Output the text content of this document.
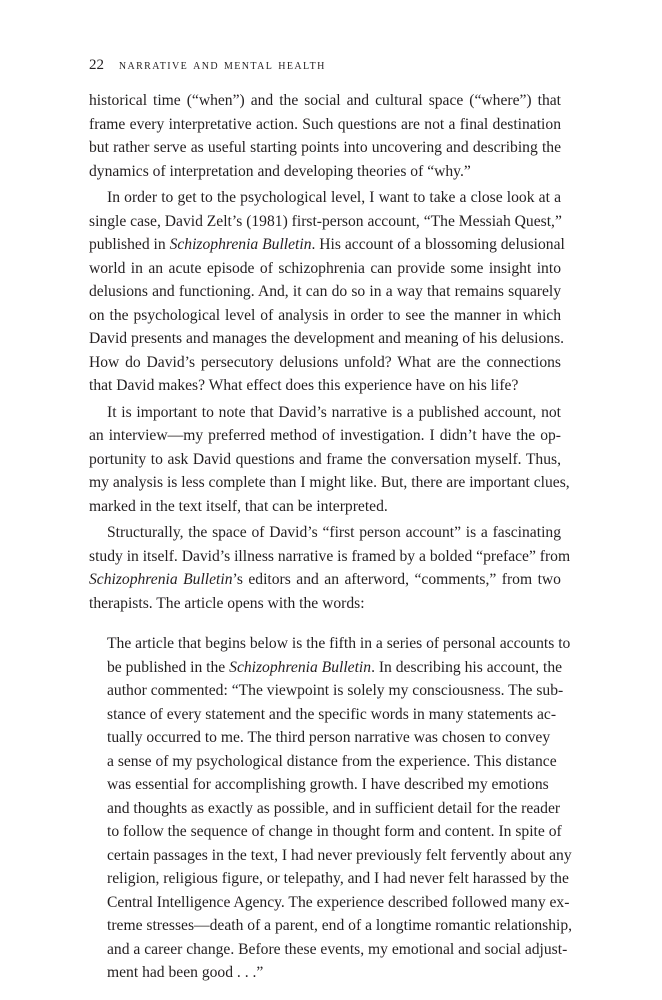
22 narrative and mental health
historical time (“when”) and the social and cultural space (“where”) that
frame every interpretative action. Such questions are not a final destination
but rather serve as useful starting points into uncovering and describing the
dynamics of interpretation and developing theories of “why.”
In order to get to the psychological level, I want to take a close look at a
single case, David Zelt’s (1981) first-person account, “The Messiah Quest,”
published in Schizophrenia Bulletin. His account of a blossoming delusional
world in an acute episode of schizophrenia can provide some insight into
delusions and functioning. And, it can do so in a way that remains squarely
on the psychological level of analysis in order to see the manner in which
David presents and manages the development and meaning of his delusions.
How do David’s persecutory delusions unfold? What are the connections
that David makes? What effect does this experience have on his life?
It is important to note that David’s narrative is a published account, not
an interview—my preferred method of investigation. I didn’t have the op-
portunity to ask David questions and frame the conversation myself. Thus,
my analysis is less complete than I might like. But, there are important clues,
marked in the text itself, that can be interpreted.
Structurally, the space of David’s “first person account” is a fascinating
study in itself. David’s illness narrative is framed by a bolded “preface” from
Schizophrenia Bulletin’s editors and an afterword, “comments,” from two
therapists. The article opens with the words:
The article that begins below is the fifth in a series of personal accounts to
be published in the Schizophrenia Bulletin. In describing his account, the
author commented: “The viewpoint is solely my consciousness. The sub-
stance of every statement and the specific words in many statements ac-
tually occurred to me. The third person narrative was chosen to convey
a sense of my psychological distance from the experience. This distance
was essential for accomplishing growth. I have described my emotions
and thoughts as exactly as possible, and in sufficient detail for the reader
to follow the sequence of change in thought form and content. In spite of
certain passages in the text, I had never previously felt fervently about any
religion, religious figure, or telepathy, and I had never felt harassed by the
Central Intelligence Agency. The experience described followed many ex-
treme stresses—death of a parent, end of a longtime romantic relationship,
and a career change. Before these events, my emotional and social adjust-
ment had been good . . .”
